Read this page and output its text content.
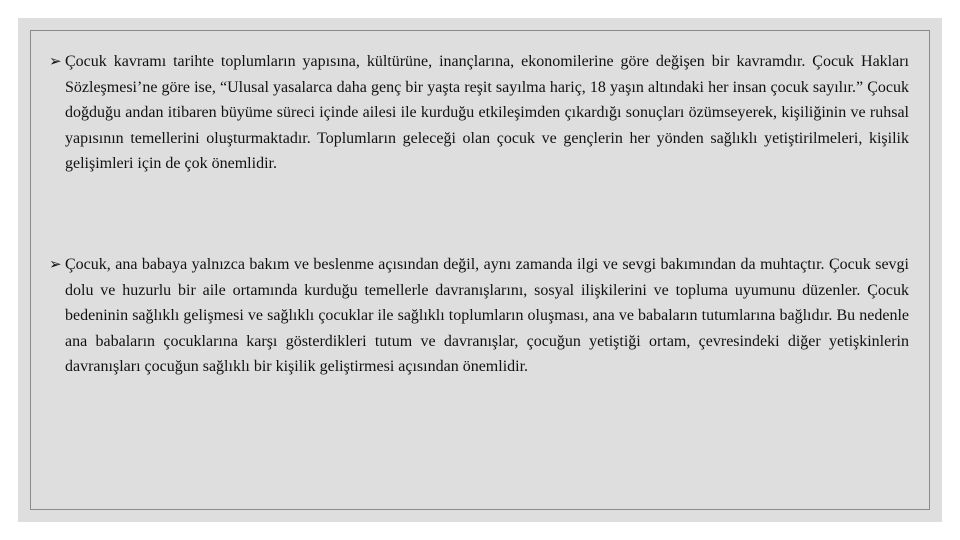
➢ Çocuk kavramı tarihte toplumların yapısına, kültürüne, inançlarına, ekonomilerine göre değişen bir kavramdır. Çocuk Hakları Sözleşmesi’ne göre ise, “Ulusal yasalarca daha genç bir yaşta reşit sayılma hariç, 18 yaşın altındaki her insan çocuk sayılır.” Çocuk doğduğu andan itibaren büyüme süreci içinde ailesi ile kurduğu etkileşimden çıkardığı sonuçları özümseyerek, kişiliğinin ve ruhsal yapısının temellerini oluşturmaktadır. Toplumların geleceği olan çocuk ve gençlerin her yönden sağlıklı yetiştirilmeleri, kişilik gelişimleri için de çok önemlidir.
➢ Çocuk, ana babaya yalnızca bakım ve beslenme açısından değil, aynı zamanda ilgi ve sevgi bakımından da muhtaçtır. Çocuk sevgi dolu ve huzurlu bir aile ortamında kurduğu temellerle davranışlarını, sosyal ilişkilerini ve topluma uyumunu düzenler. Çocuk bedeninin sağlıklı gelişmesi ve sağlıklı çocuklar ile sağlıklı toplumların oluşması, ana ve babaların tutumlarına bağlıdır. Bu nedenle ana babaların çocuklarına karşı gösterdikleri tutum ve davranışlar, çocuğun yetiştiği ortam, çevresindeki diğer yetişkinlerin davranışları çocuğun sağlıklı bir kişilik geliştirmesi açısından önemlidir.
